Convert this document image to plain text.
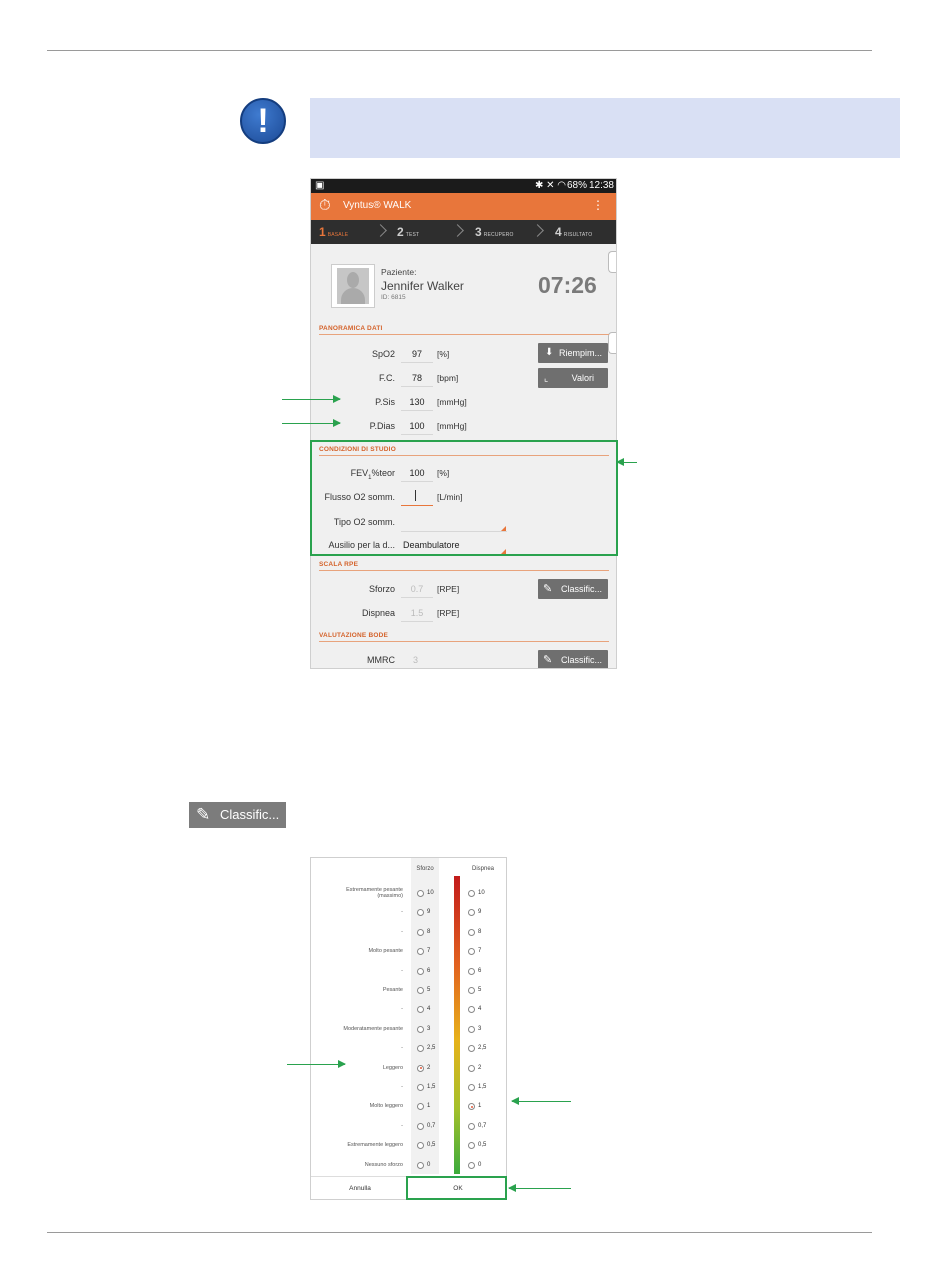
!
▣	✱ ✕ ◠ 68% 12:38
⏱ Vyntus® WALK	⋮
1 BASALE	2 TEST	3 RECUPERO	4 RISULTATO
Paziente:
Jennifer Walker
ID: 6815	07:26
PANORAMICA DATI
SpO2	97	[%]
F.C.	78	[bpm]
P.Sis	130	[mmHg]
P.Dias	100	[mmHg]
⬇ Riempim...
⌞	Valori
CONDIZIONI DI STUDIO
$FEV_1\%teor$	100	[%]
Flusso O2 somm.	[L/min]
Tipo O2 somm.
Ausilio per la d... Deambulatore
SCALA RPE
Sforzo	0.7	[RPE]
Dispnea	1.5	[RPE]
✎ Classific...
VALUTAZIONE BODE
MMRC 3	✎ Classific...
✎ Classific...
Sforzo	Dispnea
Estremamente pesante
(massimo)	10	10
-	9	9
-	8	8
Molto pesante	7	7
-	6	6
Pesante	5	5
-	4	4
Moderatamente pesante	3	3
-	2,5	2,5
Leggero	2	2
-	1,5	1,5
Molto leggero	1	1
-	0,7	0,7
Estremamente leggero	0,5	0,5
Nessuno sforzo	0	0
Annulla	OK
